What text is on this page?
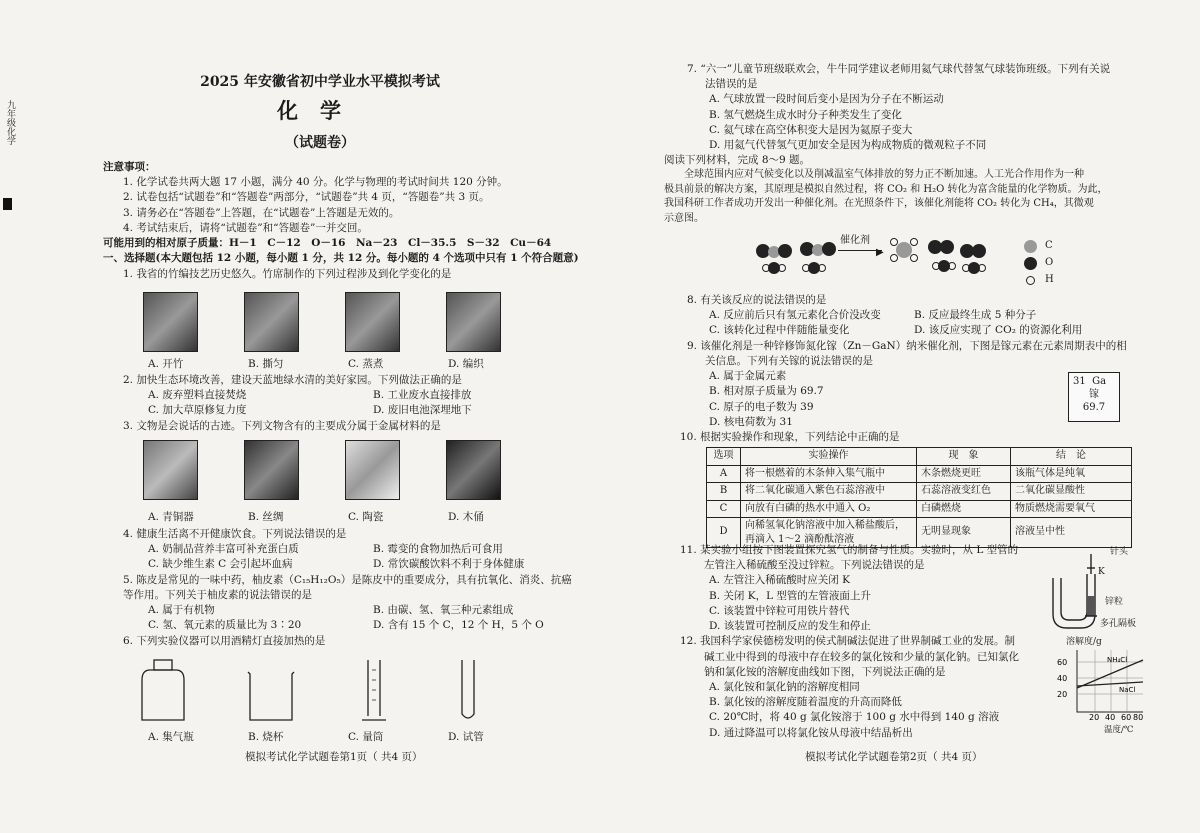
九年级化学
2025 年安徽省初中学业水平模拟考试
化学
（试题卷）
注意事项：
1. 化学试卷共两大题 17 小题，满分 40 分。化学与物理的考试时间共 120 分钟。
2. 试卷包括“试题卷”和“答题卷”两部分，“试题卷”共 4 页，“答题卷”共 3 页。
3. 请务必在“答题卷”上答题，在“试题卷”上答题是无效的。
4. 考试结束后，请将“试题卷”和“答题卷”一并交回。
可能用到的相对原子质量：H－1　C－12　O－16　Na－23　Cl－35.5　S－32　Cu－64
一、选择题(本大题包括 12 小题，每小题 1 分，共 12 分。每小题的 4 个选项中只有 1 个符合题意)
1. 我省的竹编技艺历史悠久。竹席制作的下列过程涉及到化学变化的是
A. 开竹	B. 撕匀	C. 蒸煮	D. 编织
2. 加快生态环境改善，建设天蓝地绿水清的美好家园。下列做法正确的是
A. 废弃塑料直接焚烧	B. 工业废水直接排放
C. 加大草原修复力度	D. 废旧电池深埋地下
3. 文物是会说话的古迹。下列文物含有的主要成分属于金属材料的是
A. 青铜器	B. 丝绸	C. 陶瓷	D. 木俑
4. 健康生活离不开健康饮食。下列说法错误的是
A. 奶制品营养丰富可补充蛋白质	B. 霉变的食物加热后可食用
C. 缺少维生素 C 会引起坏血病	D. 常饮碳酸饮料不利于身体健康
5. 陈皮是常见的一味中药，柚皮素（C₁₅H₁₂O₅）是陈皮中的重要成分，具有抗氧化、消炎、抗癌
等作用。下列关于柚皮素的说法错误的是
A. 属于有机物	B. 由碳、氢、氧三种元素组成
C. 氢、氧元素的质量比为 3∶20	D. 含有 15 个 C，12 个 H，5 个 O
6. 下列实验仪器可以用酒精灯直接加热的是
A. 集气瓶	B. 烧杯	C. 量筒	D. 试管
模拟考试化学试题卷第1页（ 共4 页）
7. “六一”儿童节班级联欢会，牛牛同学建议老师用氦气球代替氢气球装饰班级。下列有关说
法错误的是
A. 气球放置一段时间后变小是因为分子在不断运动
B. 氢气燃烧生成水时分子种类发生了变化
C. 氦气球在高空体积变大是因为氦原子变大
D. 用氦气代替氢气更加安全是因为构成物质的微观粒子不同
阅读下列材料，完成 8～9 题。
全球范围内应对气候变化以及削减温室气体排放的努力正不断加速。人工光合作用作为一种
极具前景的解决方案，其原理是模拟自然过程，将 CO₂ 和 H₂O 转化为富含能量的化学物质。为此，
我国科研工作者成功开发出一种催化剂。在光照条件下，该催化剂能将 CO₂ 转化为 CH₄，其微观
示意图。
催化剂
▶
C
O
H
8. 有关该反应的说法错误的是
A. 反应前后只有氢元素化合价没改变	B. 反应最终生成 5 种分子
C. 该转化过程中伴随能量变化	D. 该反应实现了 CO₂ 的资源化利用
9. 该催化剂是一种锌修饰氮化镓（Zn－GaN）纳米催化剂，下图是镓元素在元素周期表中的相
关信息。下列有关镓的说法错误的是
A. 属于金属元素
B. 相对原子质量为 69.7
C. 原子的电子数为 39
D. 核电荷数为 31
10. 根据实验操作和现象，下列结论中正确的是
31 Ga
镓
69.7
选项	实验操作	现　象	结　论
A	将一根燃着的木条伸入集气瓶中	木条燃烧更旺	该瓶气体是纯氧
B	将二氧化碳通入紫色石蕊溶液中	石蕊溶液变红色	二氧化碳显酸性
C	向放有白磷的热水中通入 O₂	白磷燃烧	物质燃烧需要氧气
D	向稀氢氧化钠溶液中加入稀盐酸后，再滴入 1～2 滴酚酞溶液	无明显现象	溶液呈中性
11. 某实验小组按下图装置探究氢气的制备与性质。实验时，从 L 型管的
左管注入稀硫酸至没过锌粒。下列说法错误的是
A. 左管注入稀硫酸时应关闭 K
B. 关闭 K，L 型管的左管液面上升
C. 该装置中锌粒可用铁片替代
D. 该装置可控制反应的发生和停止
12. 我国科学家侯德榜发明的侯式制碱法促进了世界制碱工业的发展。制
碱工业中得到的母液中存在较多的氯化铵和少量的氯化钠。已知氯化
钠和氯化铵的溶解度曲线如下图，下列说法正确的是
A. 氯化铵和氯化钠的溶解度相同
B. 氯化铵的溶解度随着温度的升高而降低
C. 20℃时，将 40 g 氯化铵溶于 100 g 水中得到 140 g 溶液
D. 通过降温可以将氯化铵从母液中结晶析出
针头
K
锌粒
多孔隔板
溶解度/g
60
40
20
20 40 60 80
NH₄Cl
NaCl
温度/℃
模拟考试化学试题卷第2页（ 共4 页）
